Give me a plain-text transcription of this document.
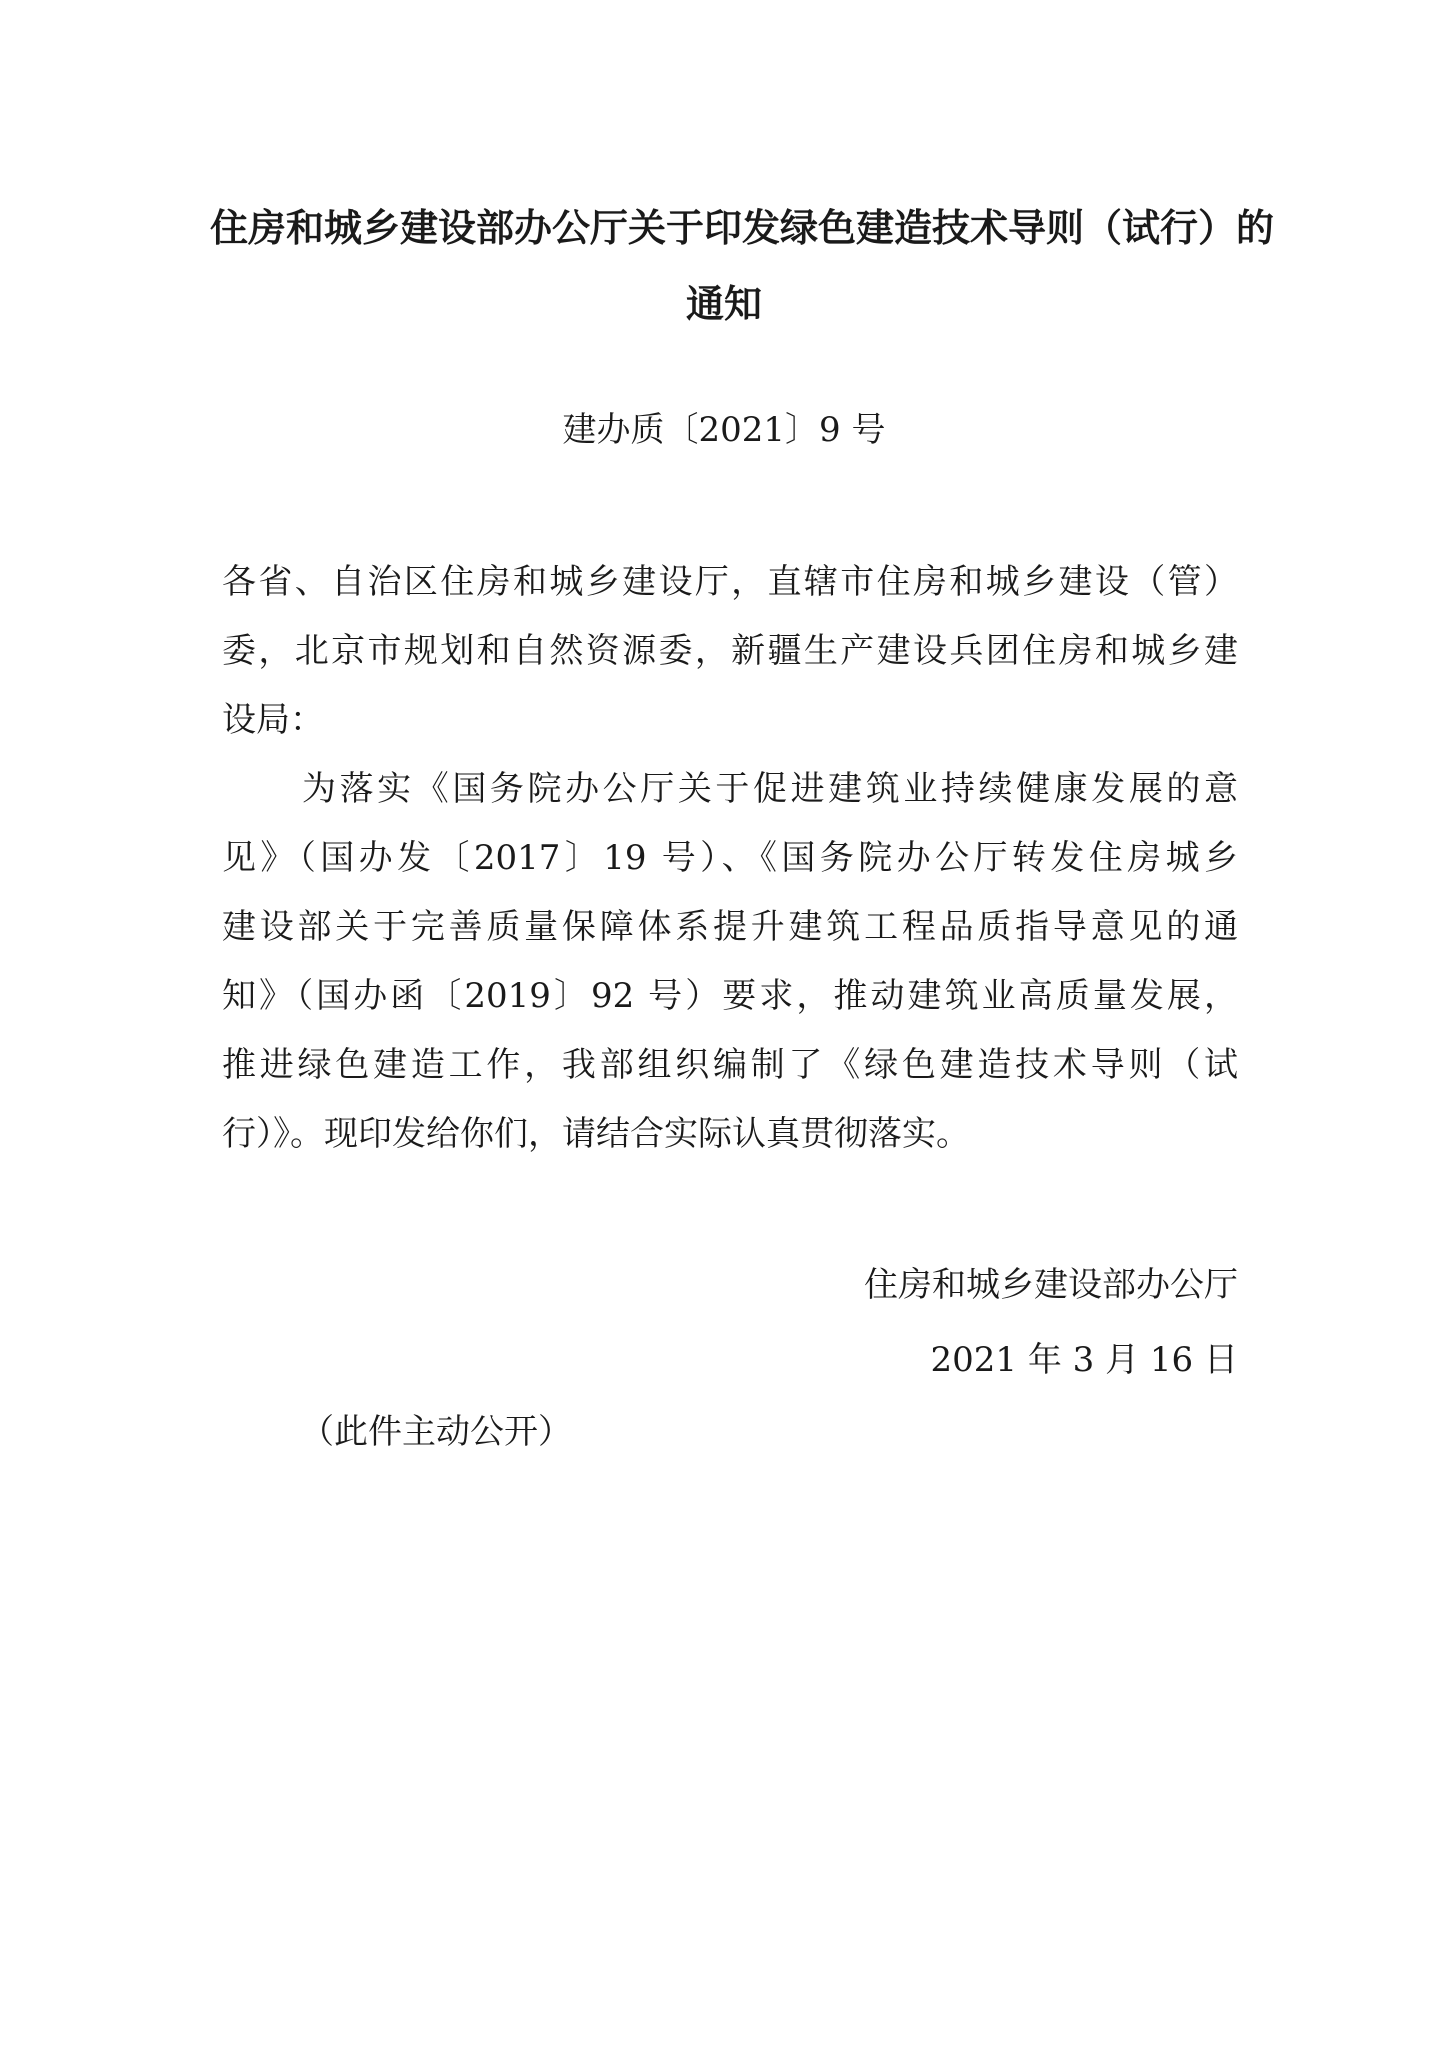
住房和城乡建设部办公厅关于印发绿色建造技术导则（试行）的
通知
建办质〔2021〕9 号
各省、自治区住房和城乡建设厅，直辖市住房和城乡建设（管）
委，北京市规划和自然资源委，新疆生产建设兵团住房和城乡建
设局：
为落实《国务院办公厅关于促进建筑业持续健康发展的意
见》（国办发〔2017〕19 号）、《国务院办公厅转发住房城乡
建设部关于完善质量保障体系提升建筑工程品质指导意见的通
知》（国办函〔2019〕92 号）要求，推动建筑业高质量发展，
推进绿色建造工作，我部组织编制了《绿色建造技术导则（试
行）》。现印发给你们，请结合实际认真贯彻落实。
住房和城乡建设部办公厅
2021 年 3 月 16 日
（此件主动公开）
